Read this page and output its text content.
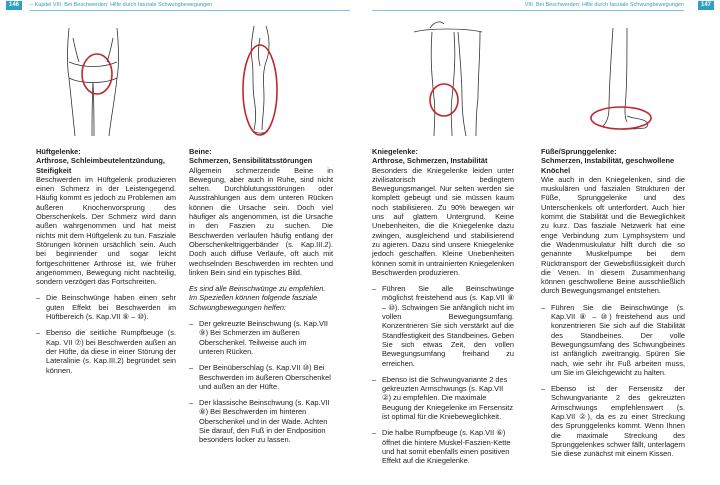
146	– Kapitel VIII. Bei Beschwerden: Hilfe durch fasziale Schwungbewegungen	VIII. Bei Beschwerden: Hilfe durch fasziale Schwungbewegungen	147

Hüftgelenke:

Arthrose, Schleimbeutelentzündung, Steifigkeit

Beschwerden im Hüftgelenk produzieren einen Schmerz in der Leistengegend. Häufig kommt es jedoch zu Problemen am äußeren Knochenvorsprung des Oberschenkels. Der Schmerz wird dann außen wahrgenommen und hat meist nichts mit dem Hüftgelenk zu tun. Fasziale Störungen können ursächlich sein. Auch bei beginnender und sogar leicht fortgeschrittener Arthrose ist, wie früher angenommen, Bewegung nicht nachteilig, sondern verzögert das Fortschreiten.

– Die Beinschwünge haben einen sehr guten Effekt bei Beschwerden im Hüftbereich (s. Kap.VII ⑧ – ⑩).
– Ebenso die seitliche Rumpfbeuge (s. Kap. VII ⑦) bei Beschwerden außen an der Hüfte, da diese in einer Störung der Lateralinie (s. Kap.III.2) begründet sein können.

Beine:

Schmerzen, Sensibilitätsstörungen

Allgemein schmerzende Beine in Bewegung, aber auch in Ruhe, sind nicht selten. Durchblutungsstörungen oder Ausstrahlungen aus dem unteren Rücken können die Ursache sein. Doch viel häufiger als angenommen, ist die Ursache in den Faszien zu suchen. Die Beschwerden verlaufen häufig entlang der Oberschenkeltriggerbänder (s. Kap.III.2). Doch auch diffuse Verläufe, oft auch mit wechselnden Beschwerden im rechten und linken Bein sind ein typisches Bild.

Es sind alle Beinschwünge zu empfehlen. Im Speziellen können folgende fasziale Schwungbewegungen helfen:

– Der gekreuzte Beinschwung (s. Kap.VII ⑨) Bei Schmerzen im äußeren Oberschenkel. Teilweise auch im unteren Rücken.
– Der Beinüberschlag (s. Kap.VII ⑩) Bei Beschwerden im äußeren Oberschenkel und außen an der Hüfte.
– Der klassische Beinschwung (s. Kap.VII ⑧) Bei Beschwerden im hinteren Oberschenkel und in der Wade. Achten Sie darauf, den Fuß in der Endposition besonders locker zu lassen.

Kniegelenke:

Arthrose, Schmerzen, Instabilität

Besonders die Kniegelenke leiden unter zivilisatorisch bedingtem Bewegungsmangel. Nur selten werden sie komplett gebeugt und sie müssen kaum noch stabilisieren. Zu 90% bewegen wir uns auf glattem Untergrund. Keine Unebenheiten, die die Kniegelenke dazu zwingen, ausgleichend und stabilisierend zu agieren. Dazu sind unsere Kniegelenke jedoch geschaffen. Kleine Unebenheiten können somit in untrainierten Kniegelenken Beschwerden produzieren.

– Führen Sie alle Beinschwünge möglichst freistehend aus (s. Kap.VII ⑧ – ⑩). Schwingen Sie anfänglich nicht im vollen Bewegungsumfang. Konzentrieren Sie sich verstärkt auf die Standfestigkeit des Standbeines. Geben Sie sich etwas Zeit, den vollen Bewegungsumfang freihand zu erreichen.
– Ebenso ist die Schwungvariante 2 des gekreuzten Armschwungs (s. Kap.VII ②) zu empfehlen. Die maximale Beugung der Kniegelenke im Fersensitz ist optimal für die Kniebeweglichkeit.
– Die halbe Rumpfbeuge (s. Kap.VII ⑥) öffnet die hintere Muskel-Faszien-Kette und hat somit ebenfalls einen positiven Effekt auf die Kniegelenke.

Füße/Sprunggelenke:

Schmerzen, Instabilität, geschwollene Knöchel

Wie auch in den Kniegelenken, sind die muskulären und faszialen Strukturen der Füße, Sprunggelenke und des Unterschenkels oft unterfordert. Auch hier kommt die Stabilität und die Beweglichkeit zu kurz. Das fasziale Netzwerk hat eine enge Verbindung zum Lymphsystem und die Wadenmuskulatur hilft durch die so genannte Muskelpumpe bei dem Rücktransport der Gewebsflüssigkeit durch die Venen. In diesem Zusammenhang können geschwollene Beine ausschließlich durch Bewegungsmangel entstehen.

– Führen Sie die Beinschwünge (s. Kap.VII ⑧ – ⑩) freistehend aus und konzentrieren Sie sich auf die Stabilität des Standbeines. Der volle Bewegungsumfang des Schwungbeines ist anfänglich zweitrangig. Spüren Sie nach, wie sehr ihr Fuß arbeiten muss, um Sie im Gleichgewicht zu halten.
– Ebenso ist der Fersensitz der Schwungvariante 2 des gekreuzten Armschwungs empfehlenswert (s. Kap.VII ②), da es zu einer Streckung des Sprunggelenks kommt. Wenn Ihnen die maximale Streckung des Sprunggelenkes schwer fällt, unterlagern Sie diese zunächst mit einem Kissen.
